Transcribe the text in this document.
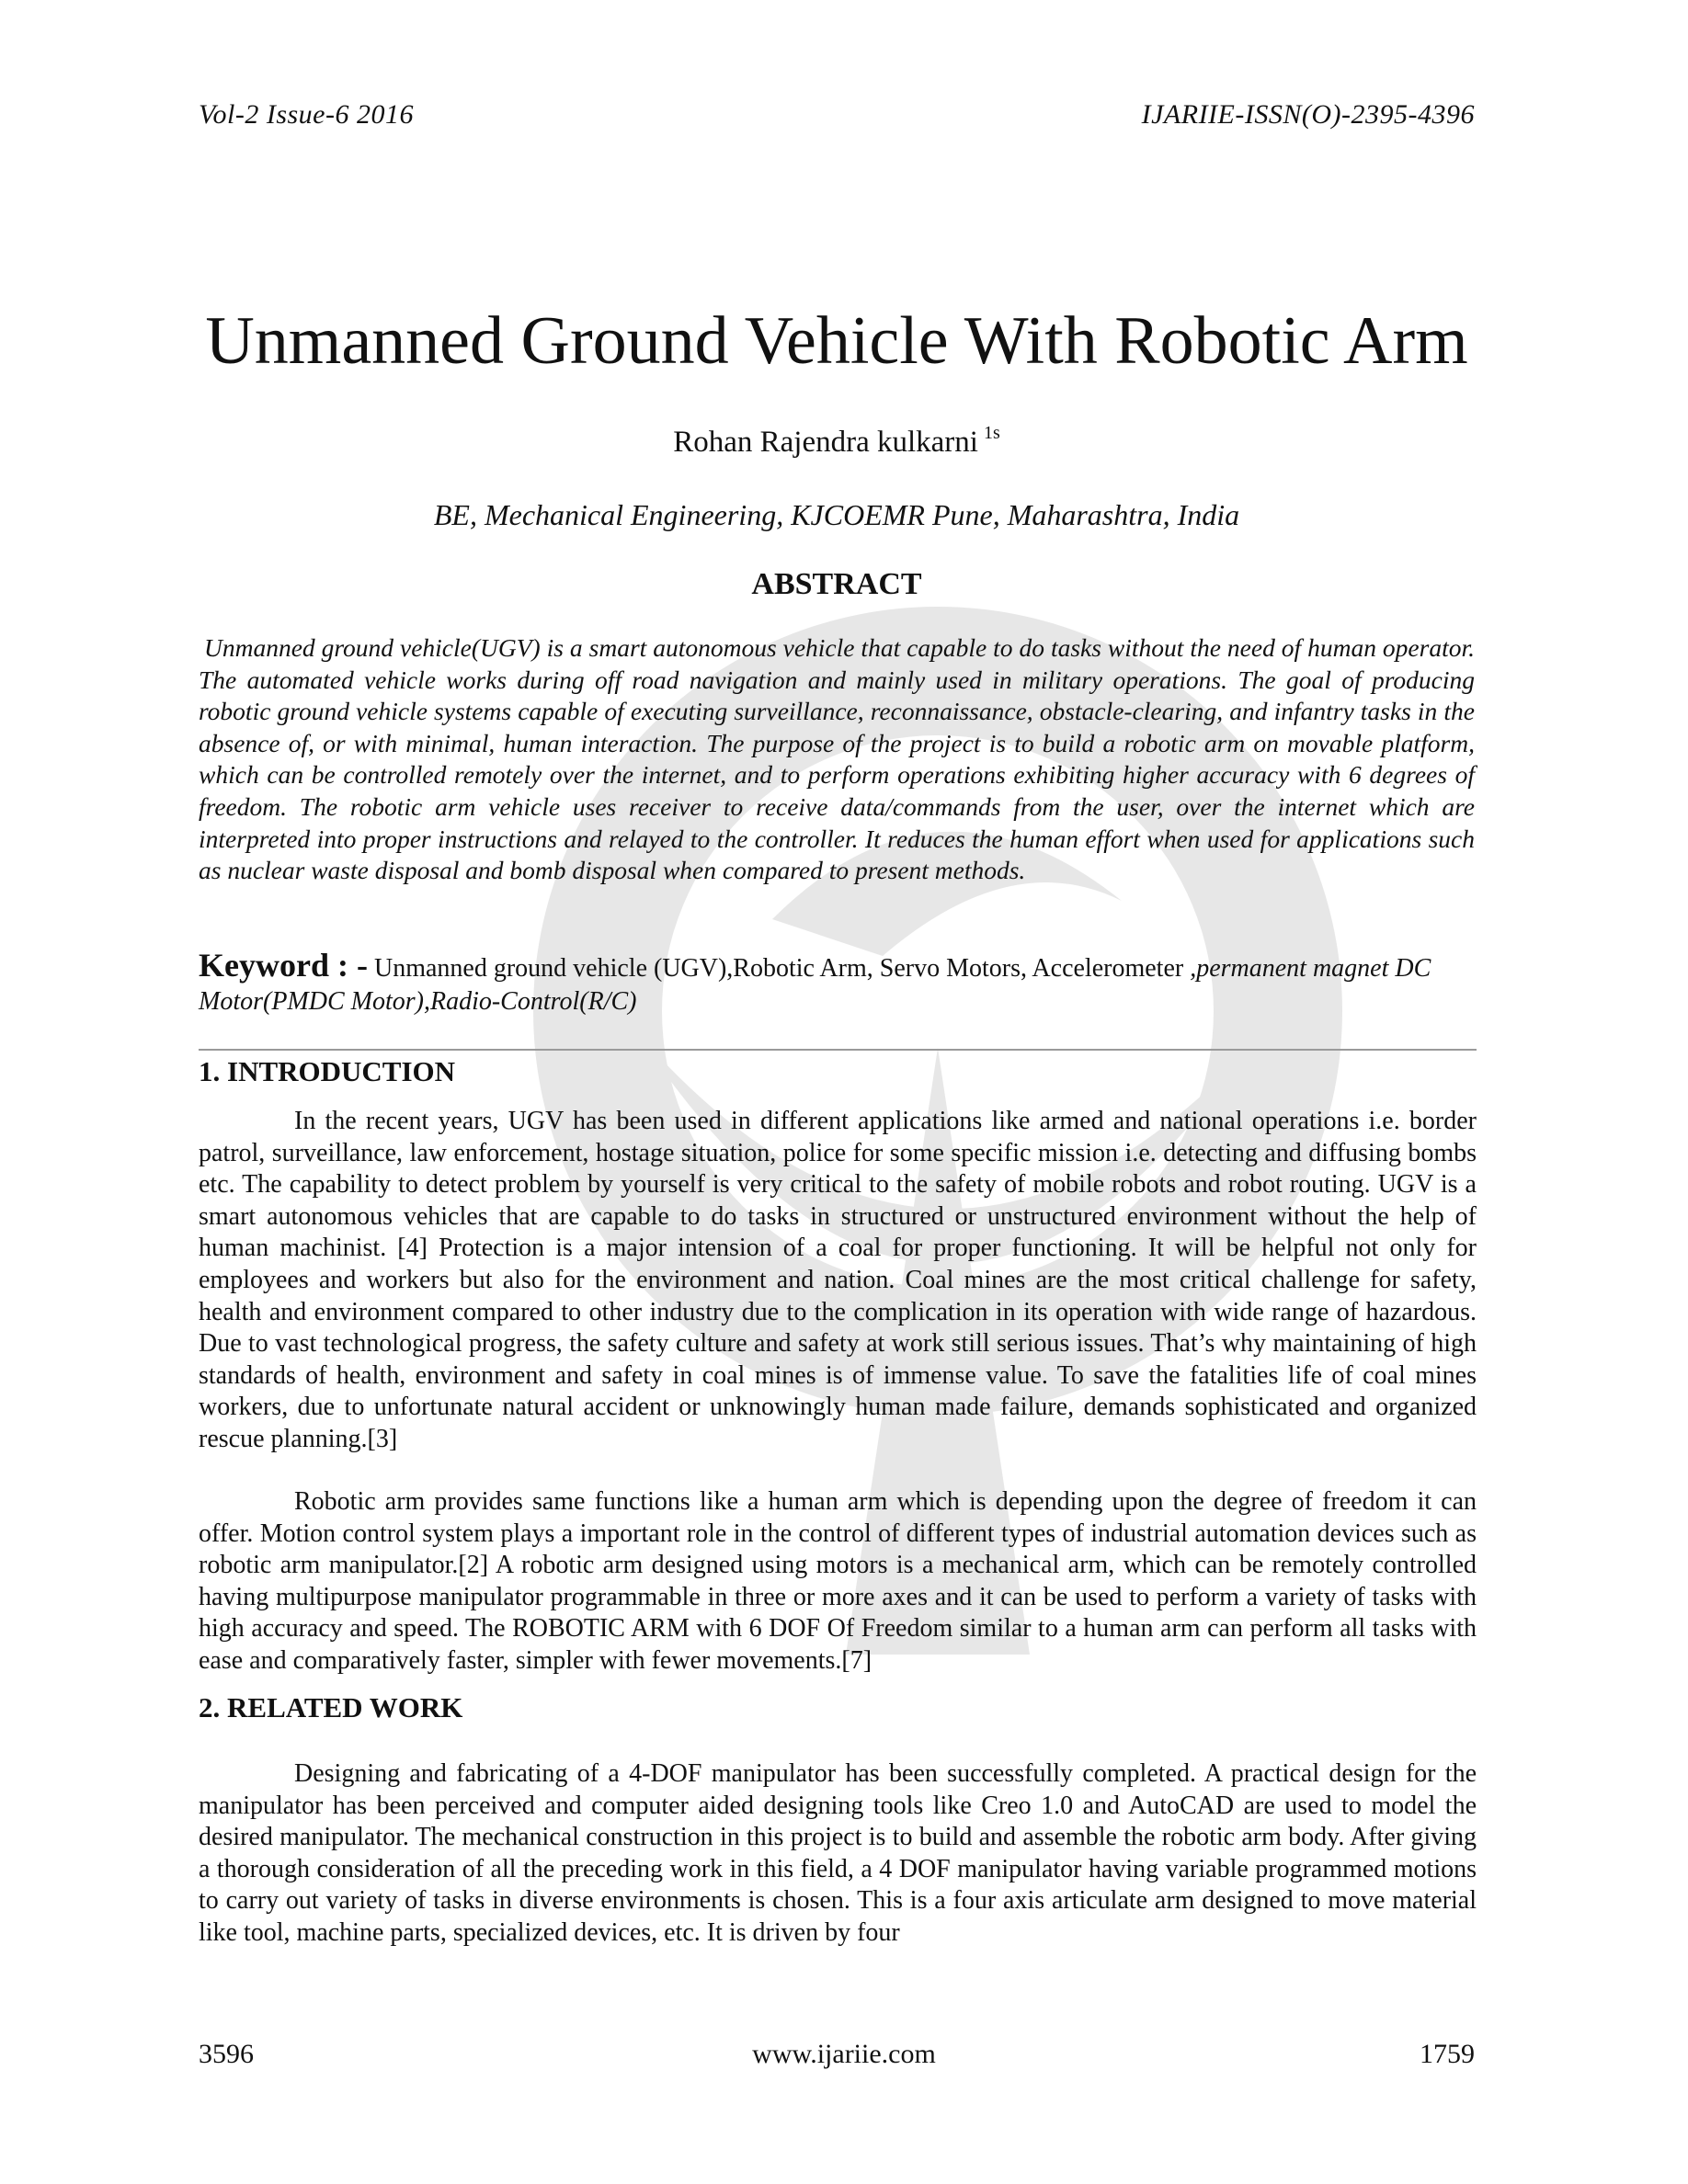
Vol-2 Issue-6 2016	IJARIIE-ISSN(O)-2395-4396
Unmanned Ground Vehicle With Robotic Arm
Rohan Rajendra kulkarni $^{1s}$
BE, Mechanical Engineering, KJCOEMR Pune, Maharashtra, India
ABSTRACT

Unmanned ground vehicle(UGV) is a smart autonomous vehicle that capable to do tasks without the need of human operator. The automated vehicle works during off road navigation and mainly used in military operations. The goal of producing robotic ground vehicle systems capable of executing surveillance, reconnaissance, obstacle-clearing, and infantry tasks in the absence of, or with minimal, human interaction. The purpose of the project is to build a robotic arm on movable platform, which can be controlled remotely over the internet, and to perform operations exhibiting higher accuracy with 6 degrees of freedom. The robotic arm vehicle uses receiver to receive data/commands from the user, over the internet which are interpreted into proper instructions and relayed to the controller. It reduces the human effort when used for applications such as nuclear waste disposal and bomb disposal when compared to present methods.

Keyword : - Unmanned ground vehicle (UGV),Robotic Arm, Servo Motors, Accelerometer ,permanent magnet DC Motor(PMDC Motor),Radio-Control(R/C)

1. INTRODUCTION

In the recent years, UGV has been used in different applications like armed and national operations i.e. border patrol, surveillance, law enforcement, hostage situation, police for some specific mission i.e. detecting and diffusing bombs etc. The capability to detect problem by yourself is very critical to the safety of mobile robots and robot routing. UGV is a smart autonomous vehicles that are capable to do tasks in structured or unstructured environment without the help of human machinist. [4] Protection is a major intension of a coal for proper functioning. It will be helpful not only for employees and workers but also for the environment and nation. Coal mines are the most critical challenge for safety, health and environment compared to other industry due to the complication in its operation with wide range of hazardous. Due to vast technological progress, the safety culture and safety at work still serious issues. That’s why maintaining of high standards of health, environment and safety in coal mines is of immense value. To save the fatalities life of coal mines workers, due to unfortunate natural accident or unknowingly human made failure, demands sophisticated and organized rescue planning.[3]

Robotic arm provides same functions like a human arm which is depending upon the degree of freedom it can offer. Motion control system plays a important role in the control of different types of industrial automation devices such as robotic arm manipulator.[2] A robotic arm designed using motors is a mechanical arm, which can be remotely controlled having multipurpose manipulator programmable in three or more axes and it can be used to perform a variety of tasks with high accuracy and speed. The ROBOTIC ARM with 6 DOF Of Freedom similar to a human arm can perform all tasks with ease and comparatively faster, simpler with fewer movements.[7]

2. RELATED WORK

Designing and fabricating of a 4-DOF manipulator has been successfully completed. A practical design for the manipulator has been perceived and computer aided designing tools like Creo 1.0 and AutoCAD are used to model the desired manipulator. The mechanical construction in this project is to build and assemble the robotic arm body. After giving a thorough consideration of all the preceding work in this field, a 4 DOF manipulator having variable programmed motions to carry out variety of tasks in diverse environments is chosen. This is a four axis articulate arm designed to move material like tool, machine parts, specialized devices, etc. It is driven by four

3596	www.ijariie.com	1759
